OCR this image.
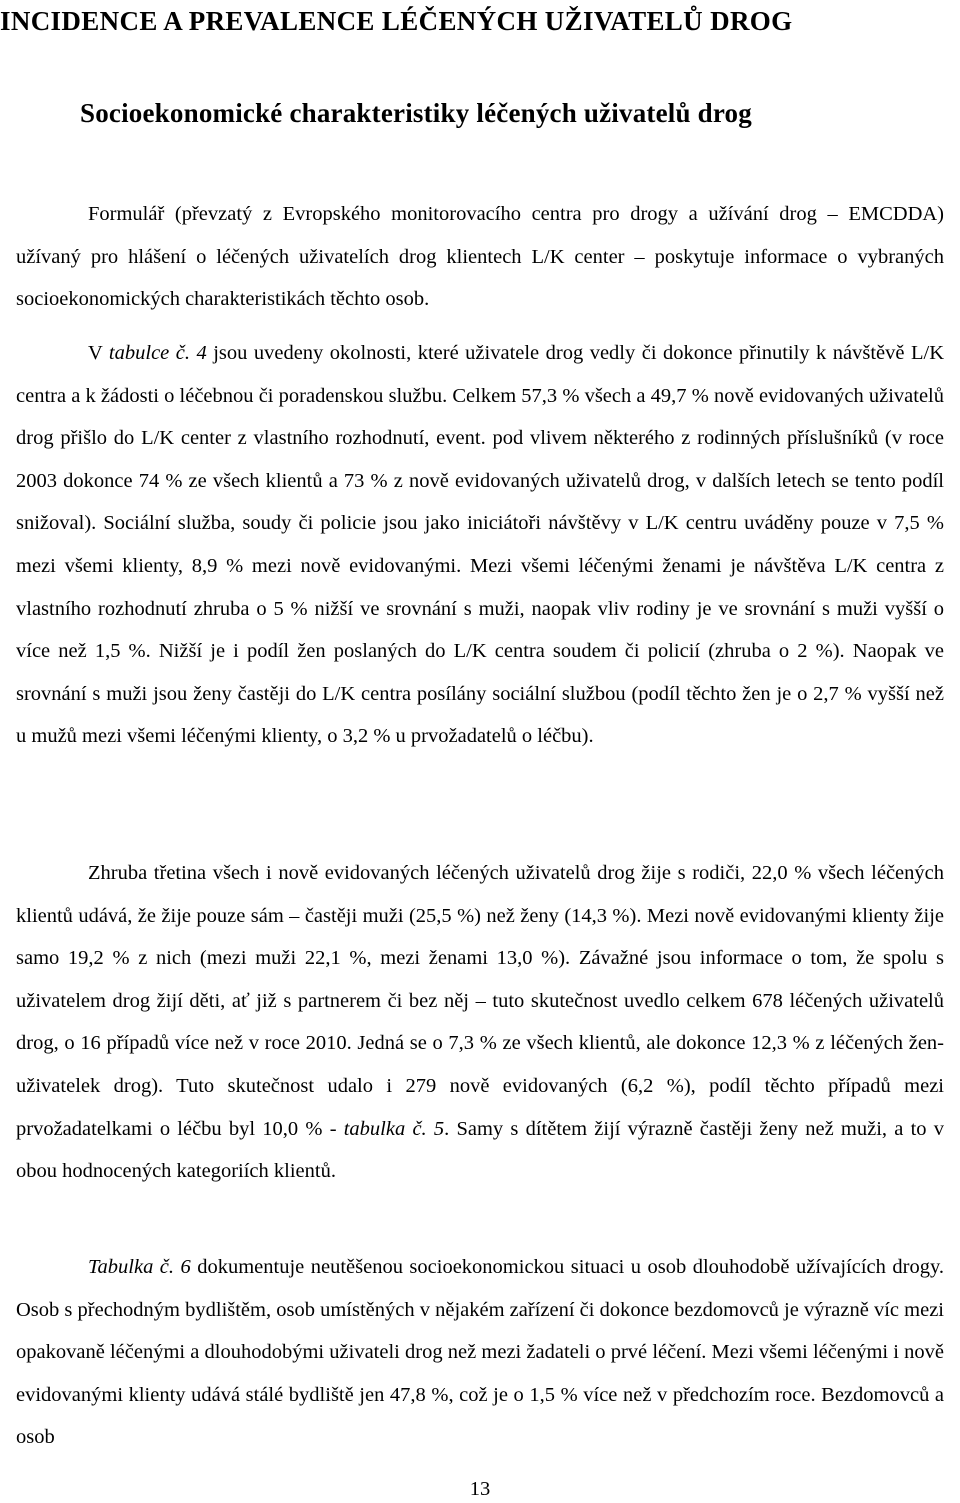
INCIDENCE A PREVALENCE LÉČENÝCH UŽIVATELŮ DROG
Socioekonomické charakteristiky léčených uživatelů drog

Formulář (převzatý z Evropského monitorovacího centra pro drogy a užívání drog – EMCDDA) užívaný pro hlášení o léčených uživatelích drog klientech L/K center – poskytuje informace o vybraných socioekonomických charakteristikách těchto osob.

V tabulce č. 4 jsou uvedeny okolnosti, které uživatele drog vedly či dokonce přinutily k návštěvě L/K centra a k žádosti o léčebnou či poradenskou službu. Celkem 57,3 % všech a 49,7 % nově evidovaných uživatelů drog přišlo do L/K center z vlastního rozhodnutí, event. pod vlivem některého z rodinných příslušníků (v roce 2003 dokonce 74 % ze všech klientů a 73 % z nově evidovaných uživatelů drog, v dalších letech se tento podíl snižoval). Sociální služba, soudy či policie jsou jako iniciátoři návštěvy v L/K centru uváděny pouze v 7,5 % mezi všemi klienty, 8,9 % mezi nově evidovanými. Mezi všemi léčenými ženami je návštěva L/K centra z vlastního rozhodnutí zhruba o 5 % nižší ve srovnání s muži, naopak vliv rodiny je ve srovnání s muži vyšší o více než 1,5 %. Nižší je i podíl žen poslaných do L/K centra soudem či policií (zhruba o 2 %). Naopak ve srovnání s muži jsou ženy častěji do L/K centra posílány sociální službou (podíl těchto žen je o 2,7 % vyšší než u mužů mezi všemi léčenými klienty, o 3,2 % u prvožadatelů o léčbu).

Zhruba třetina všech i nově evidovaných léčených uživatelů drog žije s rodiči, 22,0 % všech léčených klientů udává, že žije pouze sám – častěji muži (25,5 %) než ženy (14,3 %). Mezi nově evidovanými klienty žije samo 19,2 % z nich (mezi muži 22,1 %, mezi ženami 13,0 %). Závažné jsou informace o tom, že spolu s uživatelem drog žijí děti, ať již s partnerem či bez něj – tuto skutečnost uvedlo celkem 678 léčených uživatelů drog, o 16 případů více než v roce 2010. Jedná se o 7,3 % ze všech klientů, ale dokonce 12,3 % z léčených žen-uživatelek drog). Tuto skutečnost udalo i 279 nově evidovaných (6,2 %), podíl těchto případů mezi prvožadatelkami o léčbu byl 10,0 % - tabulka č. 5. Samy s dítětem žijí výrazně častěji ženy než muži, a to v obou hodnocených kategoriích klientů.

Tabulka č. 6 dokumentuje neutěšenou socioekonomickou situaci u osob dlouhodobě užívajících drogy. Osob s přechodným bydlištěm, osob umístěných v nějakém zařízení či dokonce bezdomovců je výrazně víc mezi opakovaně léčenými a dlouhodobými uživateli drog než mezi žadateli o prvé léčení. Mezi všemi léčenými i nově evidovanými klienty udává stálé bydliště jen 47,8 %, což je o 1,5 % více než v předchozím roce. Bezdomovců a osob

13
